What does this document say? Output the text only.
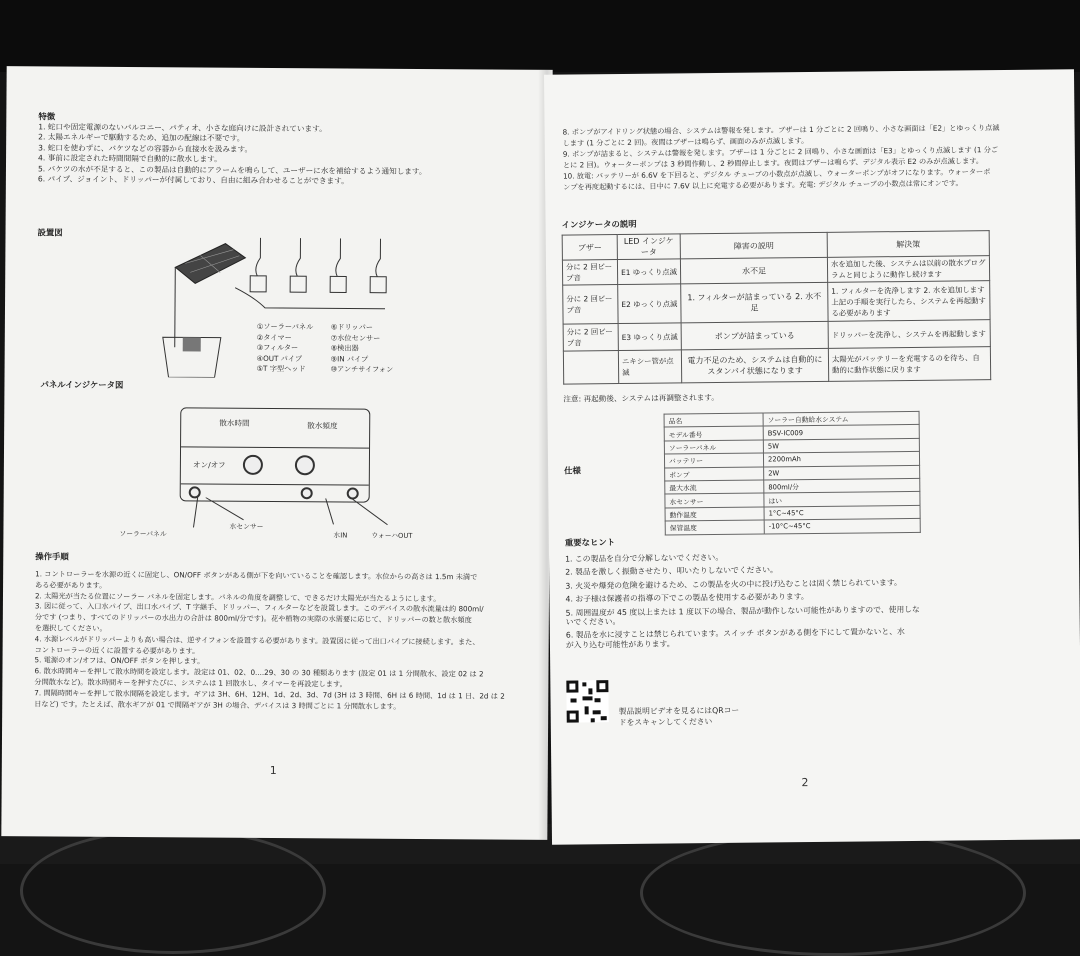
特徴
1. 蛇口や固定電源のないバルコニー、パティオ、小さな庭向けに設計されています。
2. 太陽エネルギーで駆動するため、追加の配線は不要です。
3. 蛇口を使わずに、バケツなどの容器から直接水を汲みます。
4. 事前に設定された時間間隔で自動的に散水します。
5. バケツの水が不足すると、この製品は自動的にアラームを鳴らして、ユーザーに水を補給するよう通知します。
6. パイプ、ジョイント、ドリッパーが付属しており、自由に組み合わせることができます。
設置図
①ソーラーパネル
②タイマー
③フィルター
④OUT パイプ
⑤T 字型ヘッド
⑥ドリッパー
⑦水位センサー
⑧検出器
⑨IN パイプ
⑩アンチサイフォン
パネルインジケータ図
散水時間	散水頻度
オン/オフ
ソーラーパネル
水センサー
水IN	ウォーハOUT
操作手順
1. コントローラーを水源の近くに固定し、ON/OFF ボタンがある側が下を向いていることを確認します。水位からの高さは 1.5m 未満で
ある必要があります。
2. 太陽光が当たる位置にソーラー パネルを固定します。パネルの角度を調整して、できるだけ太陽光が当たるようにします。
3. 図に従って、入口水パイプ、出口水パイプ、T 字継手、ドリッパー、フィルターなどを設置します。このデバイスの散水流量は約 800ml/
分です (つまり、すべてのドリッパーの水出力の合計は 800ml/分です)。花や植物の実際の水需要に応じて、ドリッパーの数と散水頻度
を選択してください。
4. 水源レベルがドリッパーよりも高い場合は、逆サイフォンを設置する必要があります。設置図に従って出口パイプに接続します。また、
コントローラーの近くに設置する必要があります。
5. 電源のオン/オフは、ON/OFF ボタンを押します。
6. 散水時間キーを押して散水時間を設定します。設定は 01、02、0....29、30 の 30 種類あります (設定 01 は 1 分間散水、設定 02 は 2
分間散水など)。散水時間キーを押すたびに、システムは 1 回散水し、タイマーを再設定します。
7. 間隔時間キーを押して散水間隔を設定します。ギアは 3H、6H、12H、1d、2d、3d、7d (3H は 3 時間、6H は 6 時間、1d は 1 日、2d は 2
日など) です。たとえば、散水ギアが 01 で間隔ギアが 3H の場合、デバイスは 3 時間ごとに 1 分間散水します。
1
8. ポンプがアイドリング状態の場合、システムは警報を発します。ブザーは 1 分ごとに 2 回鳴り、小さな画面は「E2」とゆっくり点滅
します (1 分ごとに 2 回)。夜間はブザーは鳴らず、画面のみが点滅します。
9. ポンプが詰まると、システムは警報を発します。ブザーは 1 分ごとに 2 回鳴り、小さな画面は「E3」とゆっくり点滅します (1 分ご
とに 2 回)。ウォーターポンプは 3 秒間作動し、2 秒間停止します。夜間はブザーは鳴らず、デジタル表示 E2 のみが点滅します。
10. 放電: バッテリーが 6.6V を下回ると、デジタル チューブの小数点が点滅し、ウォーターポンプがオフになります。ウォーターポ
ンプを再度起動するには、日中に 7.6V 以上に充電する必要があります。充電: デジタル チューブの小数点は常にオンです。
インジケータの説明
ブザー	LED インジケータ	障害の説明	解決策
分に 2 回ビープ音	E1 ゆっくり点滅	水不足	水を追加した後、システムは以前の散水プログラムと同じように動作し続けます
分に 2 回ビープ音	E2 ゆっくり点滅	1. フィルターが詰まっている 2. 水不足	1. フィルターを洗浄します 2. 水を追加します 上記の手順を実行したら、システムを再起動する必要があります
分に 2 回ビープ音	E3 ゆっくり点滅	ポンプが詰まっている	ドリッパーを洗浄し、システムを再起動します
	ニキシー管が点滅	電力不足のため、システムは自動的にスタンバイ状態になります	太陽光がバッテリーを充電するのを待ち、自動的に動作状態に戻ります
注意: 再起動後、システムは再調整されます。
仕様
品名	ソーラー自動給水システム
モデル番号	BSV-IC009
ソーラーパネル	5W
バッテリー	2200mAh
ポンプ	2W
最大水流	800ml/分
水センサー	はい
動作温度	1°C~45°C
保管温度	-10°C~45°C
重要なヒント
1. この製品を自分で分解しないでください。
2. 製品を激しく振動させたり、叩いたりしないでください。
3. 火災や爆発の危険を避けるため、この製品を火の中に投げ込むことは固く禁じられています。
4. お子様は保護者の指導の下でこの製品を使用する必要があります。
5. 周囲温度が 45 度以上または 1 度以下の場合、製品が動作しない可能性がありますので、使用しな
いでください。
6. 製品を水に浸すことは禁じられています。スイッチ ボタンがある側を下にして置かないと、水
が入り込む可能性があります。
製品説明ビデオを見るにはQRコー
ドをスキャンしてください
2
